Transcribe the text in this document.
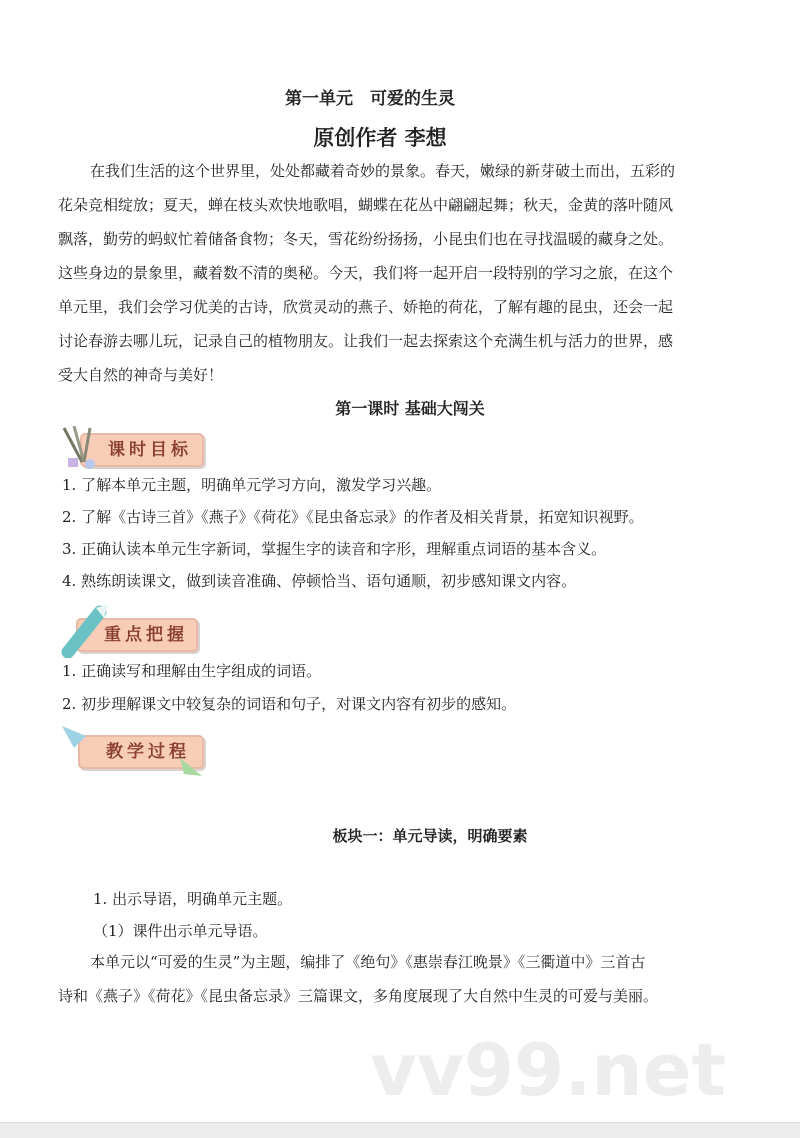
第一单元　可爱的生灵
原创作者 李想
在我们生活的这个世界里，处处都藏着奇妙的景象。春天，嫩绿的新芽破土而出，五彩的
花朵竞相绽放；夏天，蝉在枝头欢快地歌唱，蝴蝶在花丛中翩翩起舞；秋天，金黄的落叶随风
飘落，勤劳的蚂蚁忙着储备食物；冬天，雪花纷纷扬扬，小昆虫们也在寻找温暖的藏身之处。
这些身边的景象里，藏着数不清的奥秘。今天，我们将一起开启一段特别的学习之旅，在这个
单元里，我们会学习优美的古诗，欣赏灵动的燕子、娇艳的荷花，了解有趣的昆虫，还会一起
讨论春游去哪儿玩，记录自己的植物朋友。让我们一起去探索这个充满生机与活力的世界，感
受大自然的神奇与美好！
第一课时 基础大闯关
课时目标
1. 了解本单元主题，明确单元学习方向，激发学习兴趣。
2. 了解《古诗三首》《燕子》《荷花》《昆虫备忘录》的作者及相关背景，拓宽知识视野。
3. 正确认读本单元生字新词，掌握生字的读音和字形，理解重点词语的基本含义。
4. 熟练朗读课文，做到读音准确、停顿恰当、语句通顺，初步感知课文内容。
重点把握
1. 正确读写和理解由生字组成的词语。
2. 初步理解课文中较复杂的词语和句子，对课文内容有初步的感知。
教学过程
板块一：单元导读，明确要素
1. 出示导语，明确单元主题。
（1）课件出示单元导语。
本单元以“可爱的生灵”为主题，编排了《绝句》《惠崇春江晚景》《三衢道中》三首古
诗和《燕子》《荷花》《昆虫备忘录》三篇课文，多角度展现了大自然中生灵的可爱与美丽。
vv99.net
